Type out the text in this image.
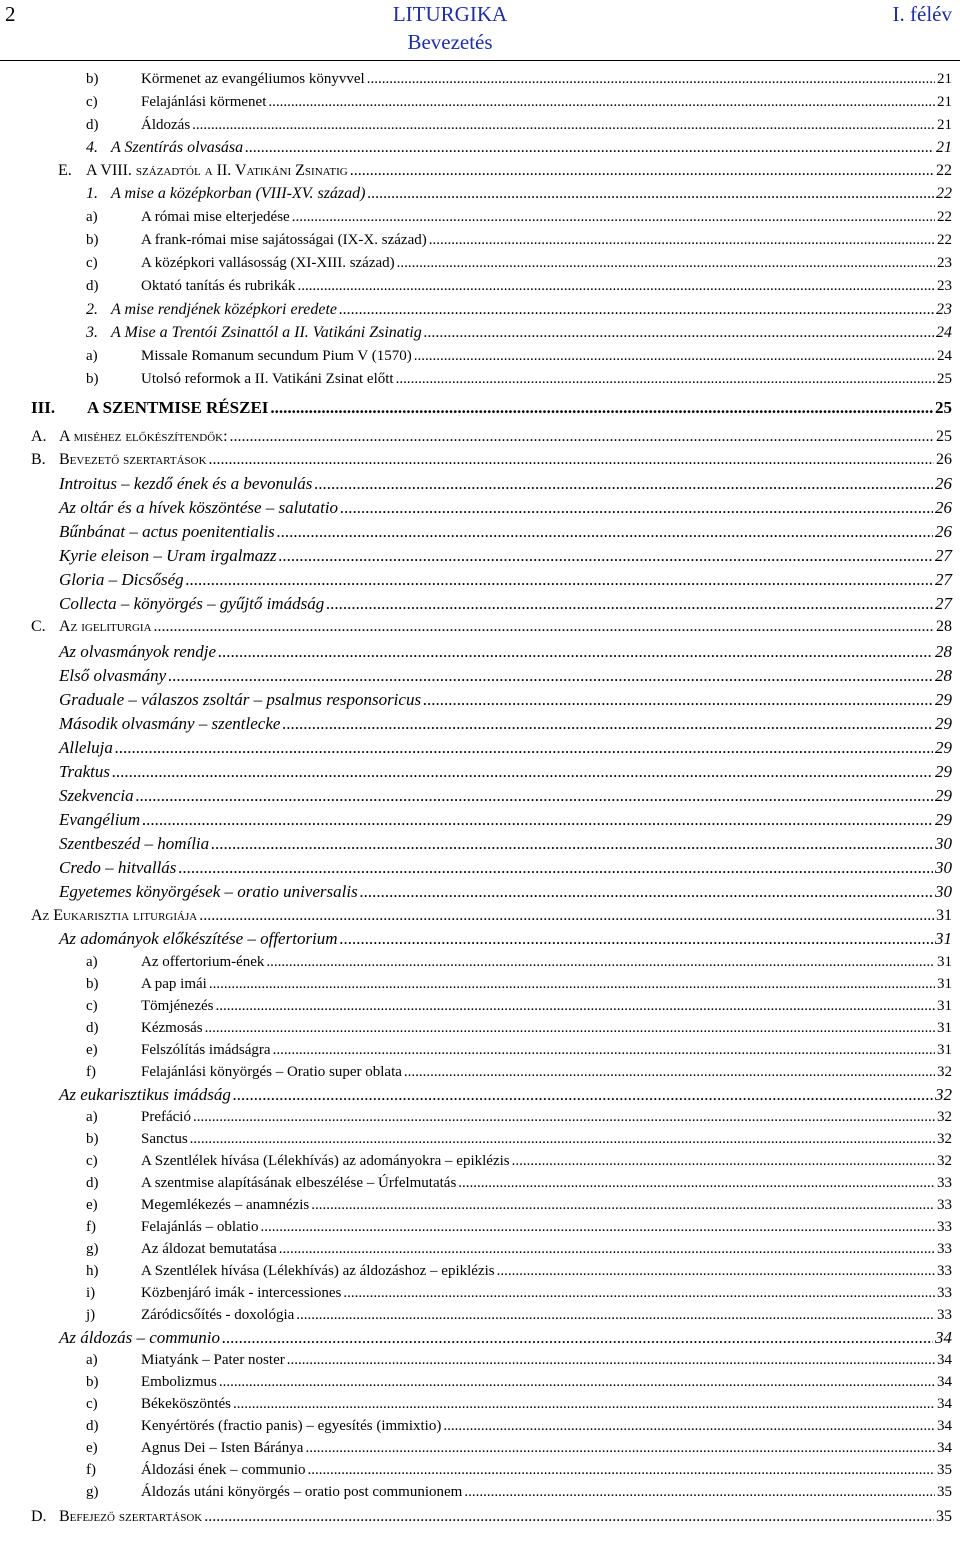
2	LITURGIKA
Bevezetés
I. félév
b)	Körmenet az evangéliumos könyvvel .....	21
c)	Felajánlási körmenet .....	21
d)	Áldozás .....	21
4. A Szentírás olvasása .....	21
E. A VIII. századtól a II. Vatikáni Zsinatig .....	22
1. A mise a középkorban (VIII-XV. század) .....	22
a)	A római mise elterjedése .....	22
b)	A frank-római mise sajátosságai (IX-X. század) .....	22
c)	A középkori vallásosság (XI-XIII. század) .....	23
d)	Oktató tanítás és rubrikák .....	23
2. A mise rendjének középkori eredete .....	23
3. A Mise a Trentói Zsinattól a II. Vatikáni Zsinatig .....	24
a)	Missale Romanum secundum Pium V (1570) .....	24
b)	Utolsó reformok a II. Vatikáni Zsinat előtt .....	25
III.	A SZENTMISE RÉSZEI .....	25
A. A miséhez előkészítendők: .....	25
B. Bevezető szertartások .....	26
Introitus – kezdő ének és a bevonulás .....	26
Az oltár és a hívek köszöntése – salutatio .....	26
Bűnbánat – actus poenitentialis .....	26
Kyrie eleison – Uram irgalmazz .....	27
Gloria – Dicsőség .....	27
Collecta – könyörgés – gyűjtő imádság .....	27
C. Az igeliturgia .....	28
Az olvasmányok rendje .....	28
Első olvasmány .....	28
Graduale – válaszos zsoltár – psalmus responsoricus .....	29
Második olvasmány – szentlecke .....	29
Alleluja .....	29
Traktus .....	29
Szekvencia .....	29
Evangélium .....	29
Szentbeszéd – homília .....	30
Credo – hitvallás .....	30
Egyetemes könyörgések – oratio universalis .....	30
Az Eukarisztia liturgiája .....	31
Az adományok előkészítése – offertorium .....	31
a)	Az offertorium-ének .....	31
b)	A pap imái .....	31
c)	Tömjénezés .....	31
d)	Kézmosás .....	31
e)	Felszólítás imádságra .....	31
f)	Felajánlási könyörgés – Oratio super oblata .....	32
Az eukarisztikus imádság .....	32
a)	Prefáció .....	32
b)	Sanctus .....	32
c)	A Szentlélek hívása (Lélekhívás) az adományokra – epiklézis .....	32
d)	A szentmise alapításának elbeszélése – Úrfelmutatás .....	33
e)	Megemlékezés – anamnézis .....	33
f)	Felajánlás – oblatio .....	33
g)	Az áldozat bemutatása .....	33
h)	A Szentlélek hívása (Lélekhívás) az áldozáshoz – epiklézis .....	33
i)	Közbenjáró imák - intercessiones .....	33
j)	Záródicsőítés - doxológia .....	33
Az áldozás – communio .....	34
a)	Miatyánk – Pater noster .....	34
b)	Embolizmus .....	34
c)	Békeköszöntés .....	34
d)	Kenyértörés (fractio panis) – egyesítés (immixtio) .....	34
e)	Agnus Dei – Isten Báránya .....	34
f)	Áldozási ének – communio .....	35
g)	Áldozás utáni könyörgés – oratio post communionem .....	35
D. Befejező szertartások .....	35
